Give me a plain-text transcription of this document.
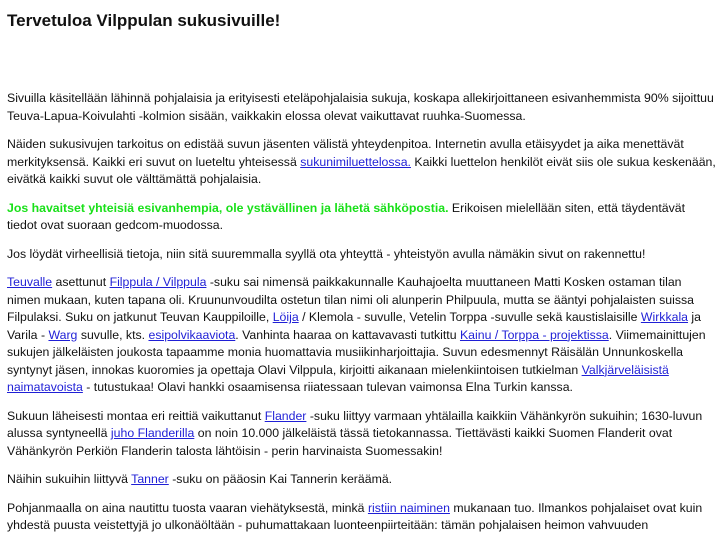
Tervetuloa Vilppulan sukusivuille!

Sivuilla käsitellään lähinnä pohjalaisia ja erityisesti eteläpohjalaisia sukuja, koskapa allekirjoittaneen esivanhemmista 90% sijoittuu Teuva-Lapua-Koivulahti -kolmion sisään, vaikkakin elossa olevat vaikuttavat ruuhka-Suomessa.

Näiden sukusivujen tarkoitus on edistää suvun jäsenten välistä yhteydenpitoa. Internetin avulla etäisyydet ja aika menettävät merkityksensä. Kaikki eri suvut on lueteltu yhteisessä sukunimiluettelossa. Kaikki luettelon henkilöt eivät siis ole sukua keskenään, eivätkä kaikki suvut ole välttämättä pohjalaisia.

Jos havaitset yhteisiä esivanhempia, ole ystävällinen ja lähetä sähköpostia. Erikoisen mielellään siten, että täydentävät tiedot ovat suoraan gedcom-muodossa.

Jos löydät virheellisiä tietoja, niin sitä suuremmalla syyllä ota yhteyttä - yhteistyön avulla nämäkin sivut on rakennettu!

Teuvalle asettunut Filppula / Vilppula -suku sai nimensä paikkakunnalle Kauhajoelta muuttaneen Matti Kosken ostaman tilan nimen mukaan, kuten tapana oli. Kruununvoudilta ostetun tilan nimi oli alunperin Philpuula, mutta se ääntyi pohjalaisten suissa Filpulaksi. Suku on jatkunut Teuvan Kauppiloille, Löija / Klemola - suvulle, Vetelin Torppa -suvulle sekä kaustislaisille Wirkkala ja Varila - Warg suvulle, kts. esipolvikaaviota. Vanhinta haaraa on kattavavasti tutkittu Kainu / Torppa - projektissa. Viimemainittujen sukujen jälkeläisten joukosta tapaamme monia huomattavia musiikinharjoittajia. Suvun edesmennyt Räisälän Unnunkoskella syntynyt jäsen, innokas kuoromies ja opettaja Olavi Vilppula, kirjoitti aikanaan mielenkiintoisen tutkielman Valkjärveläisistä naimatavoista - tutustukaa! Olavi hankki osaamisensa riiatessaan tulevan vaimonsa Elna Turkin kanssa.

Sukuun läheisesti montaa eri reittiä vaikuttanut Flander -suku liittyy varmaan yhtälailla kaikkiin Vähänkyrön sukuihin; 1630-luvun alussa syntyneellä juho Flanderilla on noin 10.000 jälkeläistä tässä tietokannassa. Tiettävästi kaikki Suomen Flanderit ovat Vähänkyrön Perkiön Flanderin talosta lähtöisin - perin harvinaista Suomessakin!

Näihin sukuihin liittyvä Tanner -suku on pääosin Kai Tannerin keräämä.

Pohjanmaalla on aina nautittu tuosta vaaran viehätyksestä, minkä ristiin naiminen mukanaan tuo. Ilmankos pohjalaiset ovat kuin yhdestä puusta veistettyjä jo ulkonäöltään - puhumattakaan luonteenpiirteitään: tämän pohjalaisen heimon vahvuuden
